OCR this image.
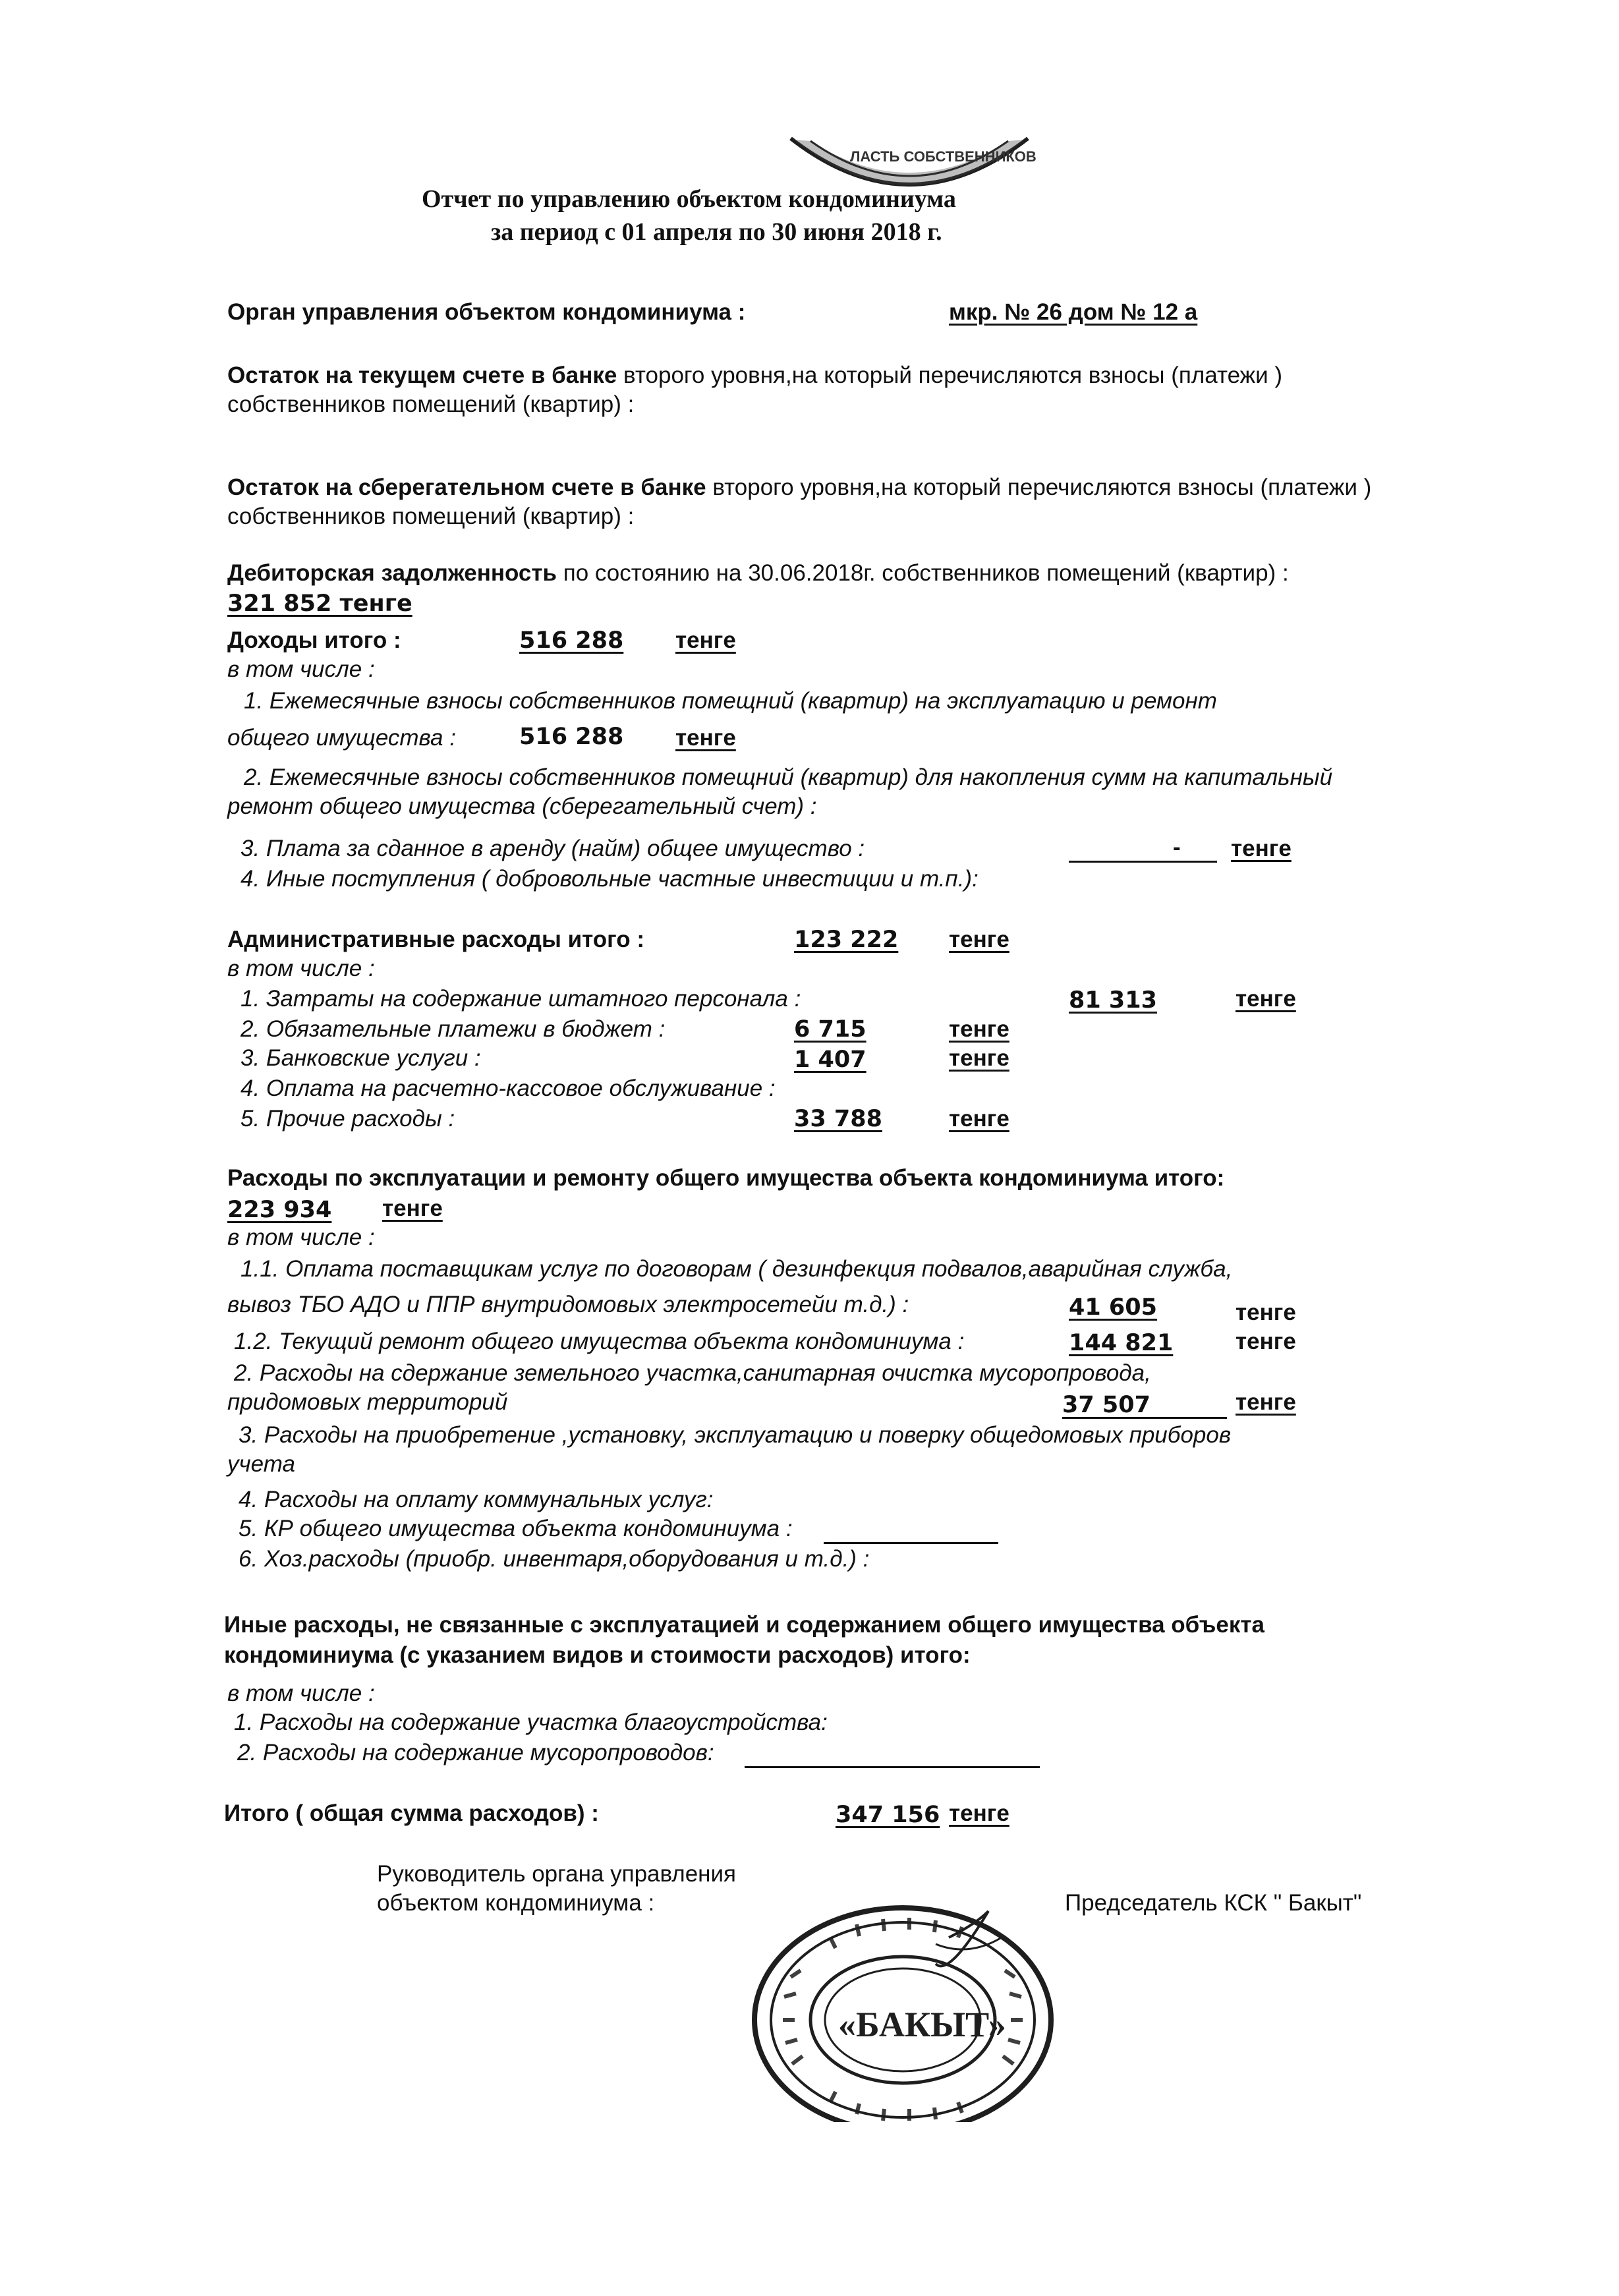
ЛАСТЬ СОБСТВЕННИКОВ
Отчет по управлению объектом кондоминиума
за период с 01 апреля по 30 июня 2018 г.
Орган управления объектом кондоминиума :	мкр. № 26 дом № 12 а
Остаток на текущем счете в банке второго уровня,на который перечисляются взносы (платежи )
собственников помещений (квартир) :
Остаток на сберегательном счете в банке второго уровня,на который перечисляются взносы (платежи )
собственников помещений (квартир) :
Дебиторская задолженность по состоянию на 30.06.2018г. собственников помещений (квартир) :
321 852 тенге
Доходы итого :	516 288 тенге
в том числе :
1. Ежемесячные взносы собственников помещний (квартир) на эксплуатацию и ремонт
общего имущества :	516 288 тенге
2. Ежемесячные взносы собственников помещний (квартир) для накопления сумм на капитальный
ремонт общего имущества (сберегательный счет) :
3. Плата за сданное в аренду (найм) общее имущество :	- тенге
4. Иные поступления ( добровольные частные инвестиции и т.п.):
Административные расходы итого :	123 222 тенге
в том числе :
1. Затраты на содержание штатного персонала :	81 313	тенге
2. Обязательные платежи в бюджет :	6 715	тенге
3. Банковские услуги :	1 407	тенге
4. Оплата на расчетно-кассовое обслуживание :
5. Прочие расходы :	33 788	тенге
Расходы по эксплуатации и ремонту общего имущества объекта кондоминиума итого:
223 934 тенге
в том числе :
1.1. Оплата поставщикам услуг по договорам ( дезинфекция подвалов,аварийная служба,
вывоз ТБО АДО и ППР внутридомовых электросетейи т.д.) :	41 605	тенге
1.2. Текущий ремонт общего имущества объекта кондоминиума :	144 821	тенге
2. Расходы на сдержание земельного участка,санитарная очистка мусоропровода,
придомовых территорий	37 507	тенге
3. Расходы на приобретение ,установку, эксплуатацию и поверку общедомовых приборов
учета
4. Расходы на оплату коммунальных услуг:
5. КР общего имущества объекта кондоминиума :
6. Хоз.расходы (приобр. инвентаря,оборудования и т.д.) :
Иные расходы, не связанные с эксплуатацией и содержанием общего имущества объекта
кондоминиума (с указанием видов и стоимости расходов) итого:
в том числе :
1. Расходы на содержание участка благоустройства:
2. Расходы на содержание мусоропроводов:
Итого ( общая сумма расходов) :	347 156 тенге
Руководитель органа управления
объектом кондоминиума :	Председатель КСК " Бакыт"
«БАКЫТ»
